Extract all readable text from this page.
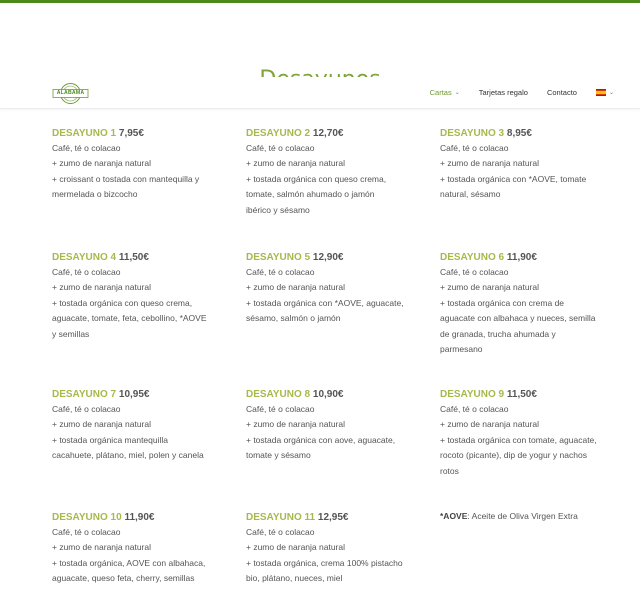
ALABAMA	Cartas ⌄	Tarjetas regalo	Contacto	⌄
DESAYUNO 1 7,95€
Café, té o colacao
+ zumo de naranja natural
+ croissant o tostada con mantequilla y
mermelada o bizcocho
DESAYUNO 2 12,70€
Café, té o colacao
+ zumo de naranja natural
+ tostada orgánica con queso crema,
tomate, salmón ahumado o jamón
ibérico y sésamo
DESAYUNO 3 8,95€
Café, té o colacao
+ zumo de naranja natural
+ tostada orgánica con *AOVE, tomate
natural, sésamo
DESAYUNO 4 11,50€
Café, té o colacao
+ zumo de naranja natural
+ tostada orgánica con queso crema,
aguacate, tomate, feta, cebollino, *AOVE
y semillas
DESAYUNO 5 12,90€
Café, té o colacao
+ zumo de naranja natural
+ tostada orgánica con *AOVE, aguacate,
sésamo, salmón o jamón
DESAYUNO 6 11,90€
Café, té o colacao
+ zumo de naranja natural
+ tostada orgánica con crema de
aguacate con albahaca y nueces, semilla
de granada, trucha ahumada y
parmesano
DESAYUNO 7 10,95€
Café, té o colacao
+ zumo de naranja natural
+ tostada orgánica mantequilla
cacahuete, plátano, miel, polen y canela
DESAYUNO 8 10,90€
Café, té o colacao
+ zumo de naranja natural
+ tostada orgánica con aove, aguacate,
tomate y sésamo
DESAYUNO 9 11,50€
Café, té o colacao
+ zumo de naranja natural
+ tostada orgánica con tomate, aguacate,
rocoto (picante), dip de yogur y nachos
rotos
DESAYUNO 10 11,90€
Café, té o colacao
+ zumo de naranja natural
+ tostada orgánica, AOVE con albahaca,
aguacate, queso feta, cherry, semillas
DESAYUNO 11 12,95€
Café, té o colacao
+ zumo de naranja natural
+ tostada orgánica, crema 100% pistacho
bio, plátano, nueces, miel
*AOVE: Aceite de Oliva Virgen Extra
